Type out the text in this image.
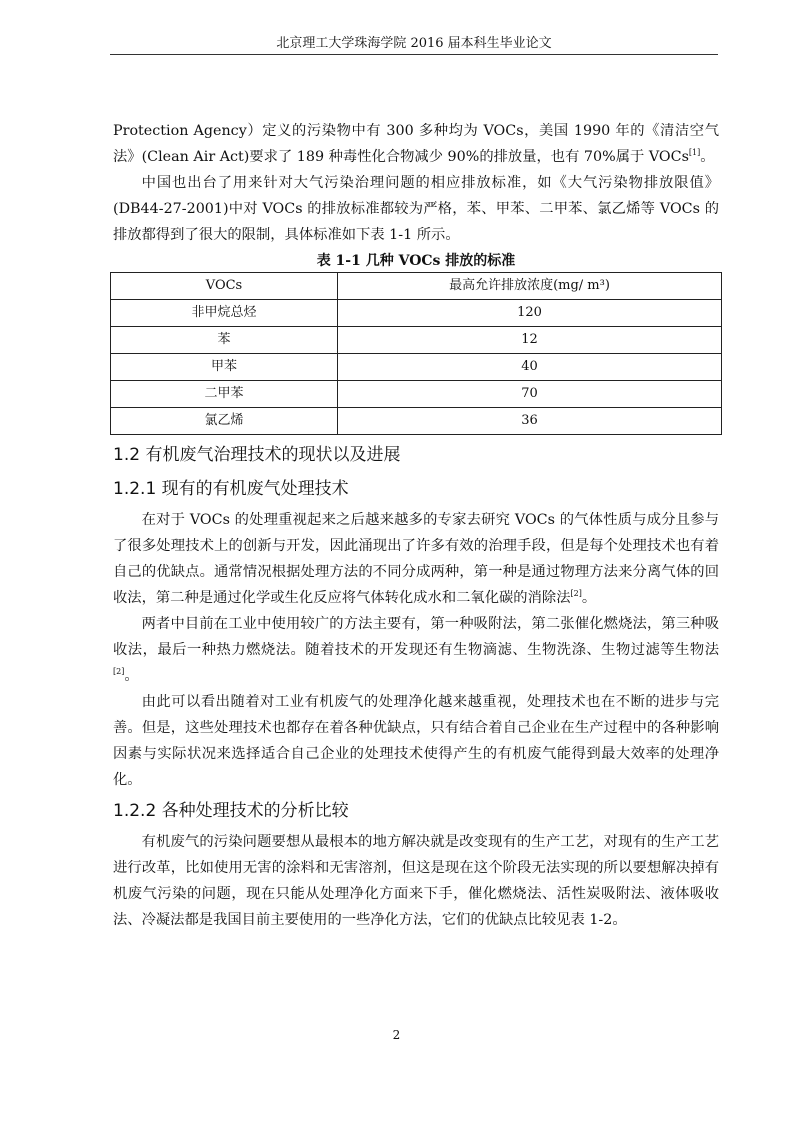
北京理工大学珠海学院 2016 届本科生毕业论文

Protection Agency）定义的污染物中有 300 多种均为 VOCs，美国 1990 年的《清洁空气法》(Clean Air Act)要求了 189 种毒性化合物减少 90%的排放量，也有 70%属于 VOCs[1]。

中国也出台了用来针对大气污染治理问题的相应排放标准，如《大气污染物排放限值》(DB44-27-2001)中对 VOCs 的排放标准都较为严格，苯、甲苯、二甲苯、氯乙烯等 VOCs 的排放都得到了很大的限制，具体标准如下表 1-1 所示。

表 1-1 几种 VOCs 排放的标准
VOCs	最高允许排放浓度(mg/ m³)
非甲烷总烃	120
苯	12
甲苯	40
二甲苯	70
氯乙烯	36
1.2 有机废气治理技术的现状以及进展
1.2.1 现有的有机废气处理技术

在对于 VOCs 的处理重视起来之后越来越多的专家去研究 VOCs 的气体性质与成分且参与了很多处理技术上的创新与开发，因此涌现出了许多有效的治理手段，但是每个处理技术也有着自己的优缺点。通常情况根据处理方法的不同分成两种，第一种是通过物理方法来分离气体的回收法，第二种是通过化学或生化反应将气体转化成水和二氧化碳的消除法[2]。

两者中目前在工业中使用较广的方法主要有，第一种吸附法，第二张催化燃烧法，第三种吸收法，最后一种热力燃烧法。随着技术的开发现还有生物滴滤、生物洗涤、生物过滤等生物法[2]。

由此可以看出随着对工业有机废气的处理净化越来越重视，处理技术也在不断的进步与完善。但是，这些处理技术也都存在着各种优缺点，只有结合着自己企业在生产过程中的各种影响因素与实际状况来选择适合自己企业的处理技术使得产生的有机废气能得到最大效率的处理净化。

1.2.2 各种处理技术的分析比较

有机废气的污染问题要想从最根本的地方解决就是改变现有的生产工艺，对现有的生产工艺进行改革，比如使用无害的涂料和无害溶剂，但这是现在这个阶段无法实现的所以要想解决掉有机废气污染的问题，现在只能从处理净化方面来下手，催化燃烧法、活性炭吸附法、液体吸收法、冷凝法都是我国目前主要使用的一些净化方法，它们的优缺点比较见表 1-2。

2
